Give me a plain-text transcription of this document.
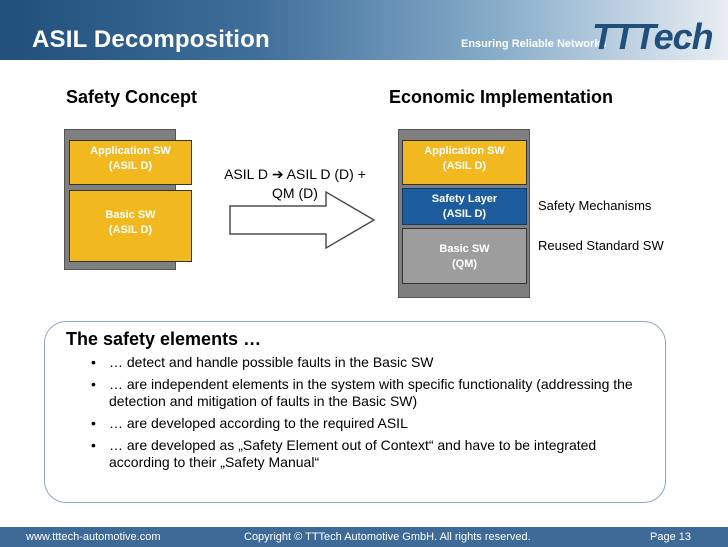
ASIL Decomposition	Ensuring Reliable Networks
TTTech
Safety Concept	Economic Implementation
Application SW
(ASIL D)
Basic SW
(ASIL D)
ASIL D ➔ ASIL D (D) +
QM (D)
Application SW
(ASIL D)
Safety Layer
(ASIL D)
Basic SW
(QM)
Safety Mechanisms
Reused Standard SW
The safety elements …
• … detect and handle possible faults in the Basic SW
• … are independent elements in the system with specific functionality (addressing the detection and mitigation of faults in the Basic SW)
• … are developed according to the required ASIL
• … are developed as „Safety Element out of Context“ and have to be integrated according to their „Safety Manual“
www.tttech-automotive.com	Copyright © TTTech Automotive GmbH. All rights reserved.	Page 13
